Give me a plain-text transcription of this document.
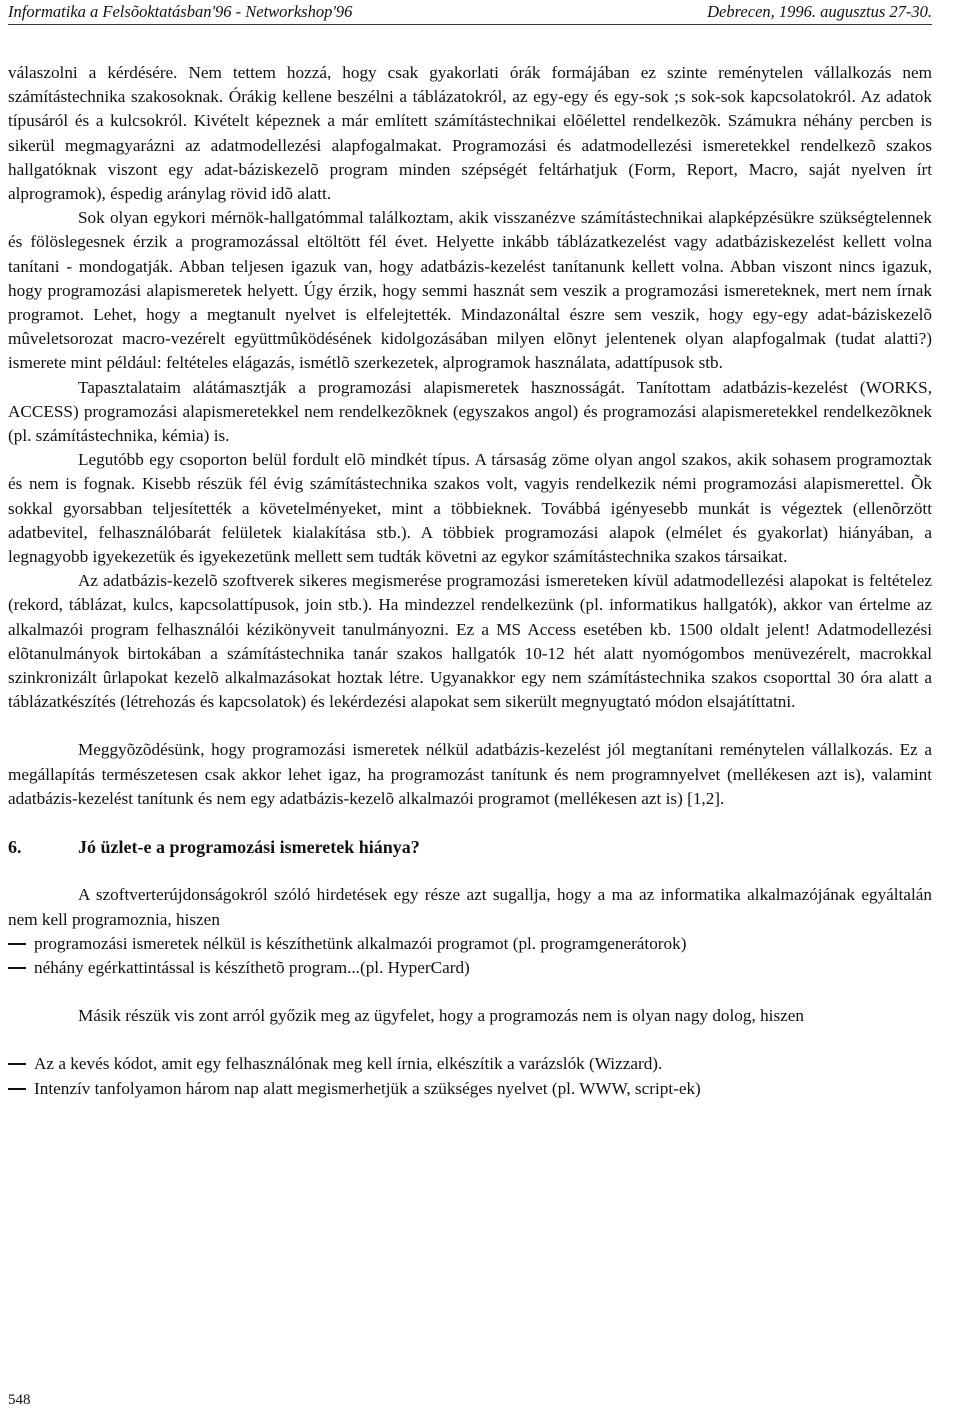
Informatika a Felsõoktatásban'96 - Networkshop'96	Debrecen, 1996. augusztus 27-30.

válaszolni a kérdésére. Nem tettem hozzá, hogy csak gyakorlati órák formájában ez szinte reménytelen vállalkozás nem számítástechnika szakosoknak. Órákig kellene beszélni a táblázatokról, az egy-egy és egy-sok ;s sok-sok kapcsolatokról. Az adatok típusáról és a kulcsokról. Kivételt képeznek a már említett számítástechnikai elõélettel rendelkezõk. Számukra néhány percben is sikerül megmagyarázni az adatmodellezési alapfogalmakat. Programozási és adatmodellezési ismeretekkel rendelkezõ szakos hallgatóknak viszont egy adat-báziskezelõ program minden szépségét feltárhatjuk (Form, Report, Macro, saját nyelven írt alprogramok), éspedig aránylag rövid idõ alatt.

Sok olyan egykori mérnök-hallgatómmal találkoztam, akik visszanézve számítástechnikai alapképzésükre szükségtelennek és fölöslegesnek érzik a programozással eltöltött fél évet. Helyette inkább táblázatkezelést vagy adatbáziskezelést kellett volna tanítani - mondogatják. Abban teljesen igazuk van, hogy adatbázis-kezelést tanítanunk kellett volna. Abban viszont nincs igazuk, hogy programozási alapismeretek helyett. Úgy érzik, hogy semmi hasznát sem veszik a programozási ismereteknek, mert nem írnak programot. Lehet, hogy a megtanult nyelvet is elfelejtették. Mindazonáltal észre sem veszik, hogy egy-egy adat-báziskezelõ mûveletsorozat macro-vezérelt együttmûködésének kidolgozásában milyen elõnyt jelentenek olyan alapfogalmak (tudat alatti?) ismerete mint például: feltételes elágazás, ismétlõ szerkezetek, alprogramok használata, adattípusok stb.

Tapasztalataim alátámasztják a programozási alapismeretek hasznosságát. Tanítottam adatbázis-kezelést (WORKS, ACCESS) programozási alapismeretekkel nem rendelkezõknek (egyszakos angol) és programozási alapismeretekkel rendelkezõknek (pl. számítástechnika, kémia) is.

Legutóbb egy csoporton belül fordult elõ mindkét típus. A társaság zöme olyan angol szakos, akik sohasem programoztak és nem is fognak. Kisebb részük fél évig számítástechnika szakos volt, vagyis rendelkezik némi programozási alapismerettel. Õk sokkal gyorsabban teljesítették a követelményeket, mint a többieknek. Továbbá igényesebb munkát is végeztek (ellenõrzött adatbevitel, felhasználóbarát felületek kialakítása stb.). A többiek programozási alapok (elmélet és gyakorlat) hiányában, a legnagyobb igyekezetük és igyekezetünk mellett sem tudták követni az egykor számítástechnika szakos társaikat.

Az adatbázis-kezelõ szoftverek sikeres megismerése programozási ismereteken kívül adatmodellezési alapokat is feltételez (rekord, táblázat, kulcs, kapcsolattípusok, join stb.). Ha mindezzel rendelkezünk (pl. informatikus hallgatók), akkor van értelme az alkalmazói program felhasználói kézikönyveit tanulmányozni. Ez a MS Access esetében kb. 1500 oldalt jelent! Adatmodellezési elõtanulmányok birtokában a számítástechnika tanár szakos hallgatók 10-12 hét alatt nyomógombos menüvezérelt, macrokkal szinkronizált ûrlapokat kezelõ alkalmazásokat hoztak létre. Ugyanakkor egy nem számítástechnika szakos csoporttal 30 óra alatt a táblázatkészítés (létrehozás és kapcsolatok) és lekérdezési alapokat sem sikerült megnyugtató módon elsajátíttatni.

Meggyõzõdésünk, hogy programozási ismeretek nélkül adatbázis-kezelést jól megtanítani reménytelen vállalkozás. Ez a megállapítás természetesen csak akkor lehet igaz, ha programozást tanítunk és nem programnyelvet (mellékesen azt is), valamint adatbázis-kezelést tanítunk és nem egy adatbázis-kezelõ alkalmazói programot (mellékesen azt is) [1,2].

6.	Jó üzlet-e a programozási ismeretek hiánya?

A szoftverterújdonságokról szóló hirdetések egy része azt sugallja, hogy a ma az informatika alkalmazójának egyáltalán nem kell programoznia, hiszen

programozási ismeretek nélkül is készíthetünk alkalmazói programot (pl. programgenerátorok)
néhány egérkattintással is készíthetõ program...(pl. HyperCard)

Másik részük vis zont arról győzik meg az ügyfelet, hogy a programozás nem is olyan nagy dolog, hiszen

Az a kevés kódot, amit egy felhasználónak meg kell írnia, elkészítik a varázslók (Wizzard).
Intenzív tanfolyamon három nap alatt megismerhetjük a szükséges nyelvet (pl. WWW, script-ek)
548
